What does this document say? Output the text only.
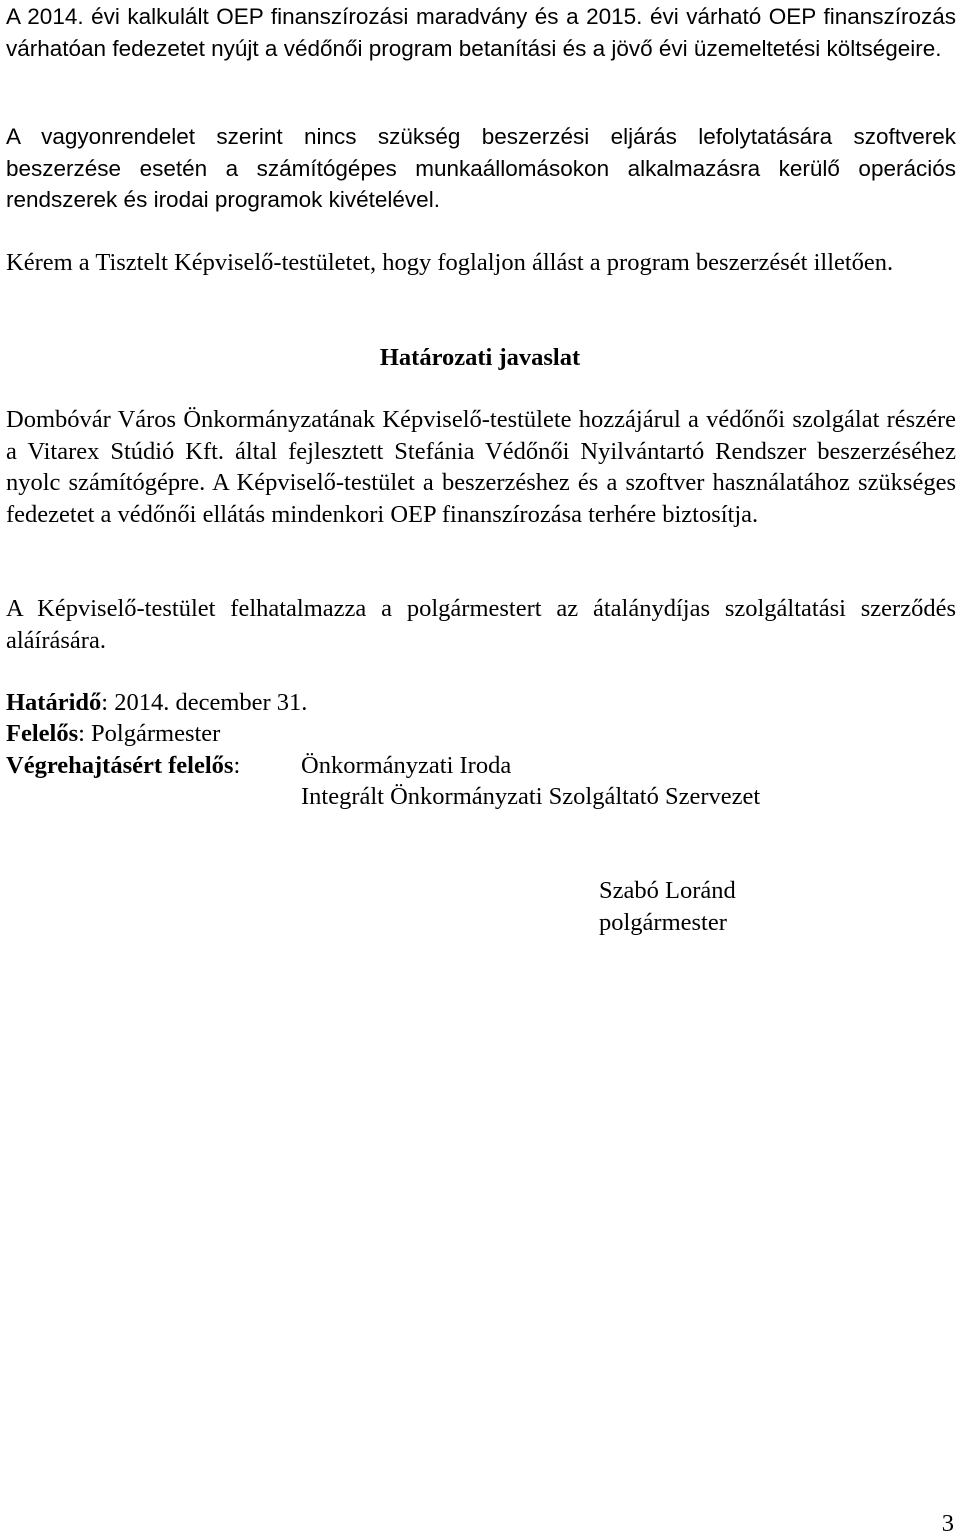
A 2014. évi kalkulált OEP finanszírozási maradvány és a 2015. évi várható OEP finanszírozás várhatóan fedezetet nyújt a védőnői program betanítási és a jövő évi üzemeltetési költségeire.

A vagyonrendelet szerint nincs szükség beszerzési eljárás lefolytatására szoftverek beszerzése esetén a számítógépes munkaállomásokon alkalmazásra kerülő operációs rendszerek és irodai programok kivételével.

Kérem a Tisztelt Képviselő-testületet, hogy foglaljon állást a program beszerzését illetően.

Határozati javaslat

Dombóvár Város Önkormányzatának Képviselő-testülete hozzájárul a védőnői szolgálat részére a Vitarex Stúdió Kft. által fejlesztett Stefánia Védőnői Nyilvántartó Rendszer beszerzéséhez nyolc számítógépre. A Képviselő-testület a beszerzéshez és a szoftver használatához szükséges fedezetet a védőnői ellátás mindenkori OEP finanszírozása terhére biztosítja.

A Képviselő-testület felhatalmazza a polgármestert az átalánydíjas szolgáltatási szerződés aláírására.

Határidő: 2014. december 31.
Felelős: Polgármester
Végrehajtásért felelős: Önkormányzati Iroda
Integrált Önkormányzati Szolgáltató Szervezet
Szabó Loránd
polgármester
3
